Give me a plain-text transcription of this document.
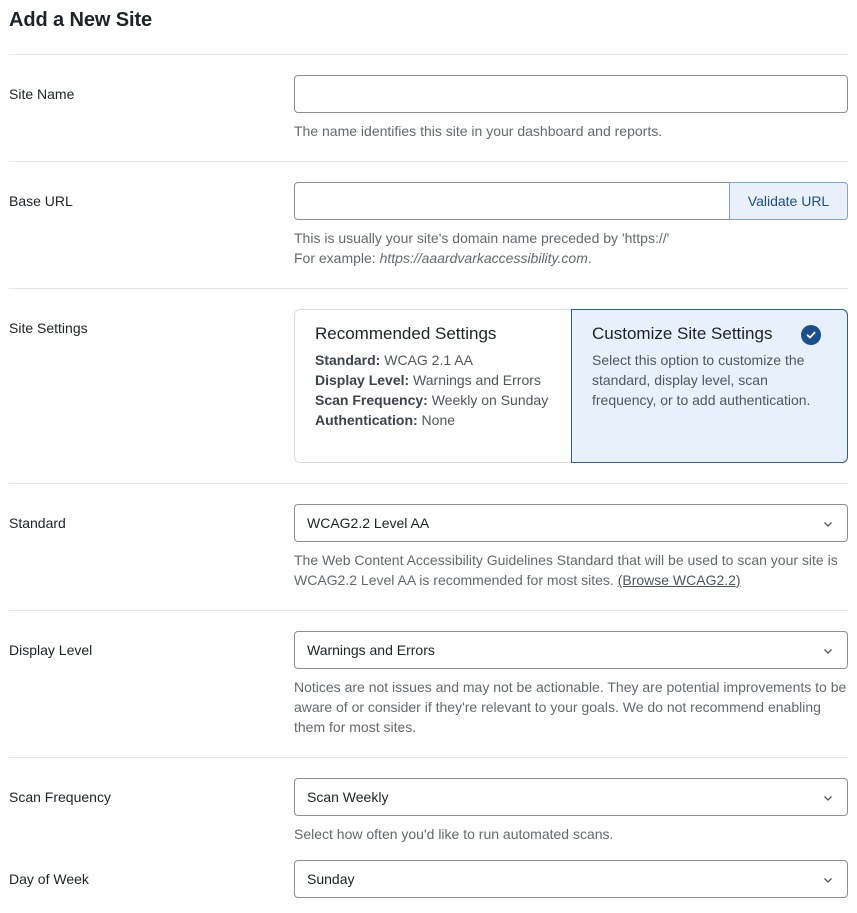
Add a New Site
Site Name
The name identifies this site in your dashboard and reports.
Base URL	Validate URL
This is usually your site's domain name preceded by 'https://'
For example: https://aaardvarkaccessibility.com.
Site Settings	Recommended Settings
Standard: WCAG 2.1 AA
Display Level: Warnings and Errors
Scan Frequency: Weekly on Sunday
Authentication: None
Customize Site Settings
Select this option to customize the standard, display level, scan frequency, or to add authentication.
Standard	WCAG2.2 Level AA
The Web Content Accessibility Guidelines Standard that will be used to scan your site is WCAG2.2 Level AA is recommended for most sites. (Browse WCAG2.2)
Display Level	Warnings and Errors
Notices are not issues and may not be actionable. They are potential improvements to be aware of or consider if they're relevant to your goals. We do not recommend enabling them for most sites.
Scan Frequency	Scan Weekly
Select how often you'd like to run automated scans.
Day of Week	Sunday
